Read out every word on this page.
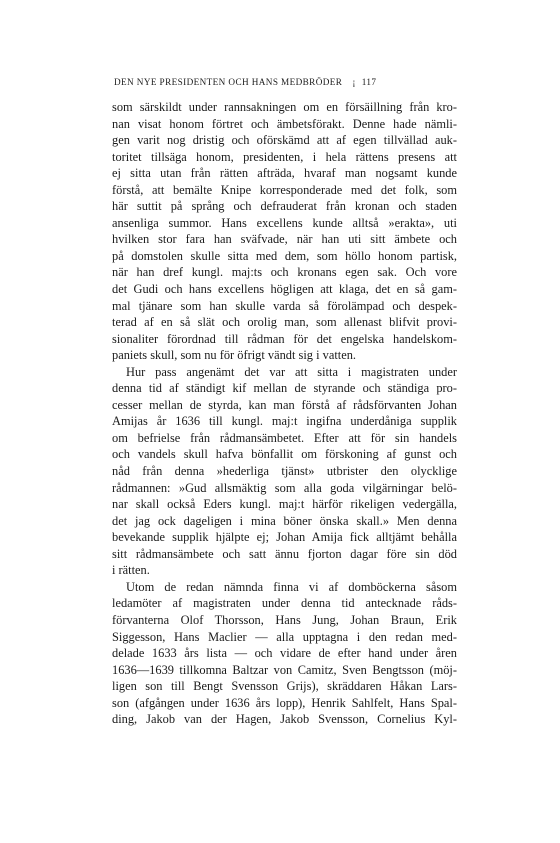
DEN NYE PRESIDENTEN OCH HANS MEDBRÖDER ¡ 117
som särskildt under rannsakningen om en försäillning från kro-
nan visat honom förtret och ämbetsförakt. Denne hade nämli-
gen varit nog dristig och oförskämd att af egen tillvällad auk-
toritet tillsäga honom, presidenten, i hela rättens presens att
ej sitta utan från rätten afträda, hvaraf man nogsamt kunde
förstå, att bemälte Knipe korresponderade med det folk, som
här suttit på språng och defrauderat från kronan och staden
ansenliga summor. Hans excellens kunde alltså »erakta», uti
hvilken stor fara han sväfvade, när han uti sitt ämbete och
på domstolen skulle sitta med dem, som höllo honom partisk,
när han dref kungl. maj:ts och kronans egen sak. Och vore
det Gudi och hans excellens högligen att klaga, det en så gam-
mal tjänare som han skulle varda så förolämpad och despek-
terad af en så slät och orolig man, som allenast blifvit provi-
sionaliter förordnad till rådman för det engelska handelskom-
paniets skull, som nu för öfrigt vändt sig i vatten.
Hur pass angenämt det var att sitta i magistraten under
denna tid af ständigt kif mellan de styrande och ständiga pro-
cesser mellan de styrda, kan man förstå af rådsförvanten Johan
Amijas år 1636 till kungl. maj:t ingifna underdåniga supplik
om befrielse från rådmansämbetet. Efter att för sin handels
och vandels skull hafva bönfallit om förskoning af gunst och
nåd från denna »hederliga tjänst» utbrister den olycklige
rådmannen: »Gud allsmäktig som alla goda vilgärningar belö-
nar skall också Eders kungl. maj:t härför rikeligen vedergälla,
det jag ock dageligen i mina böner önska skall.» Men denna
bevekande supplik hjälpte ej; Johan Amija fick alltjämt behålla
sitt rådmansämbete och satt ännu fjorton dagar före sin död
i rätten.
Utom de redan nämnda finna vi af domböckerna såsom
ledamöter af magistraten under denna tid antecknade råds-
förvanterna Olof Thorsson, Hans Jung, Johan Braun, Erik
Siggesson, Hans Maclier — alla upptagna i den redan med-
delade 1633 års lista — och vidare de efter hand under åren
1636—1639 tillkomna Baltzar von Camitz, Sven Bengtsson (möj-
ligen son till Bengt Svensson Grijs), skräddaren Håkan Lars-
son (afgången under 1636 års lopp), Henrik Sahlfelt, Hans Spal-
ding, Jakob van der Hagen, Jakob Svensson, Cornelius Kyl-
